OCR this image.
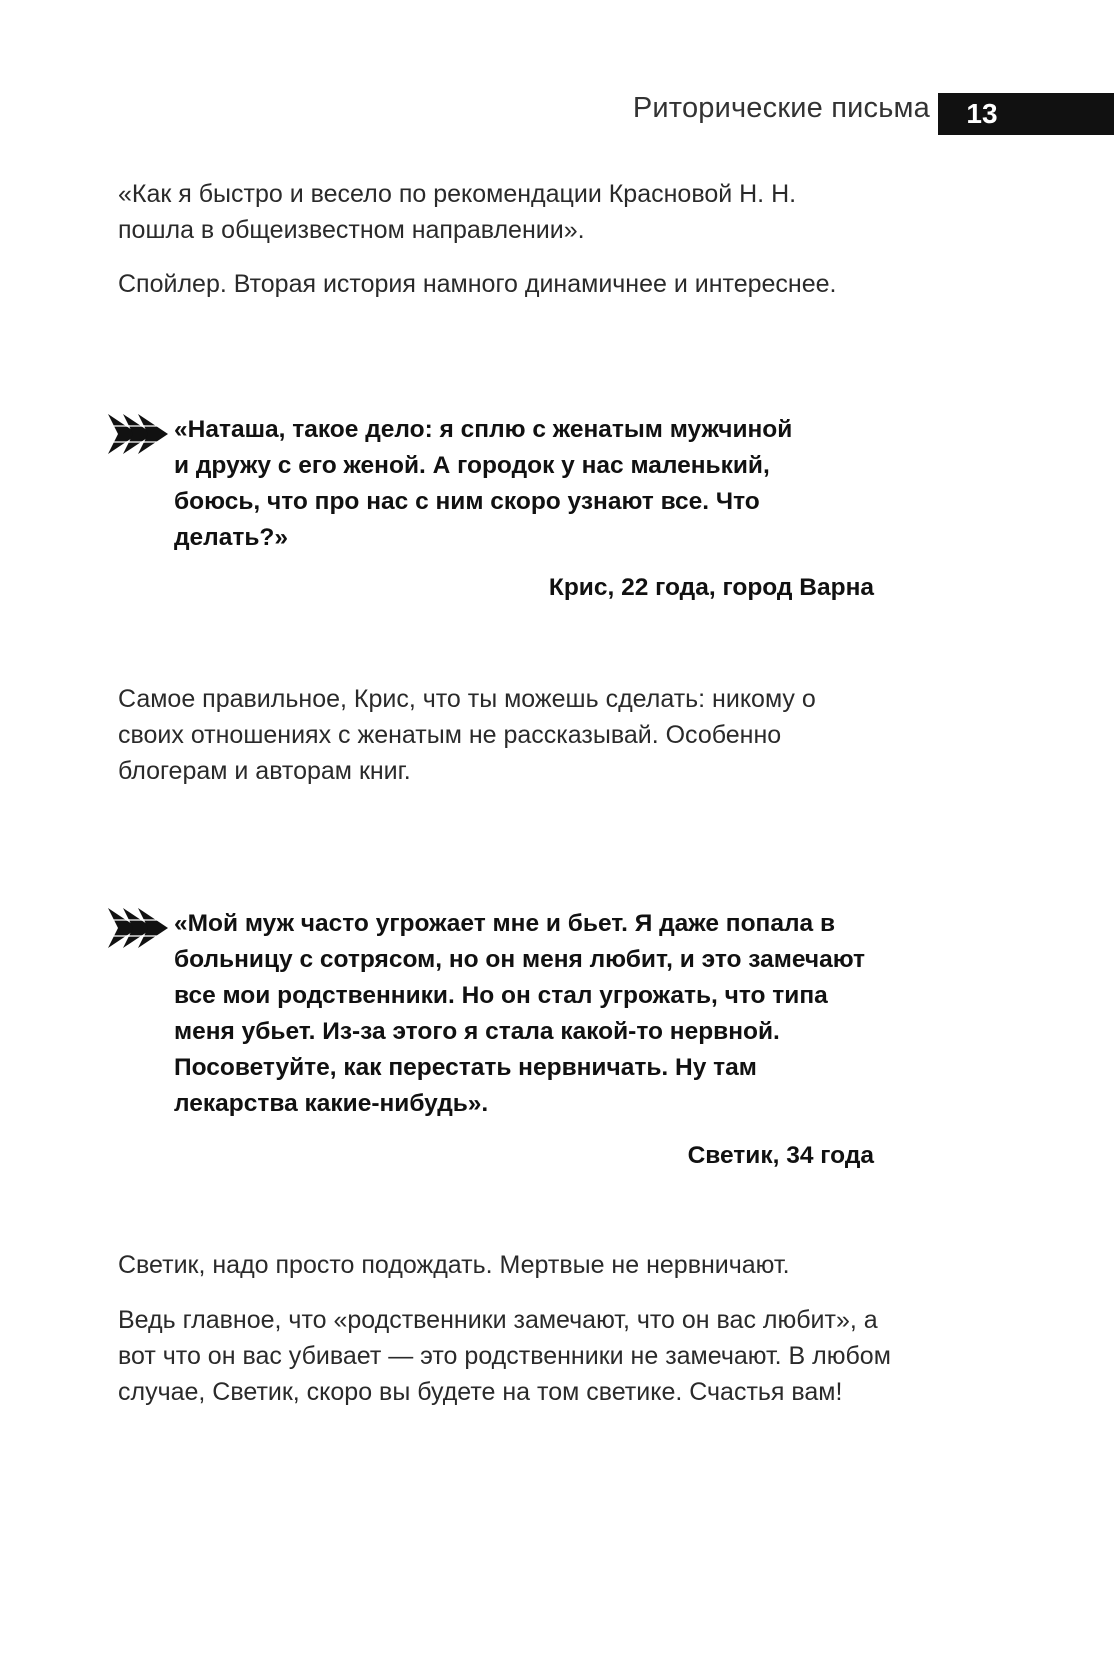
Риторические письма	13

«Как я быстро и весело по рекомендации Красновой Н. Н. пошла в общеизвестном направлении».

Спойлер. Вторая история намного динамичнее и интереснее.

«Наташа, такое дело: я сплю с женатым мужчиной и дружу с его женой. А городок у нас маленький, боюсь, что про нас с ним скоро узнают все. Что делать?»

Крис, 22 года, город Варна

Самое правильное, Крис, что ты можешь сделать: никому о своих отношениях с женатым не рассказывай. Особенно блогерам и авторам книг.

«Мой муж часто угрожает мне и бьет. Я даже попала в больницу с сотрясом, но он меня любит, и это замечают все мои родственники. Но он стал угрожать, что типа меня убьет. Из-за этого я стала какой-то нервной. Посоветуйте, как перестать нервничать. Ну там лекарства какие-нибудь».

Светик, 34 года

Светик, надо просто подождать. Мертвые не нервничают.

Ведь главное, что «родственники замечают, что он вас любит», а вот что он вас убивает — это родственники не замечают. В любом случае, Светик, скоро вы будете на том светике. Счастья вам!
